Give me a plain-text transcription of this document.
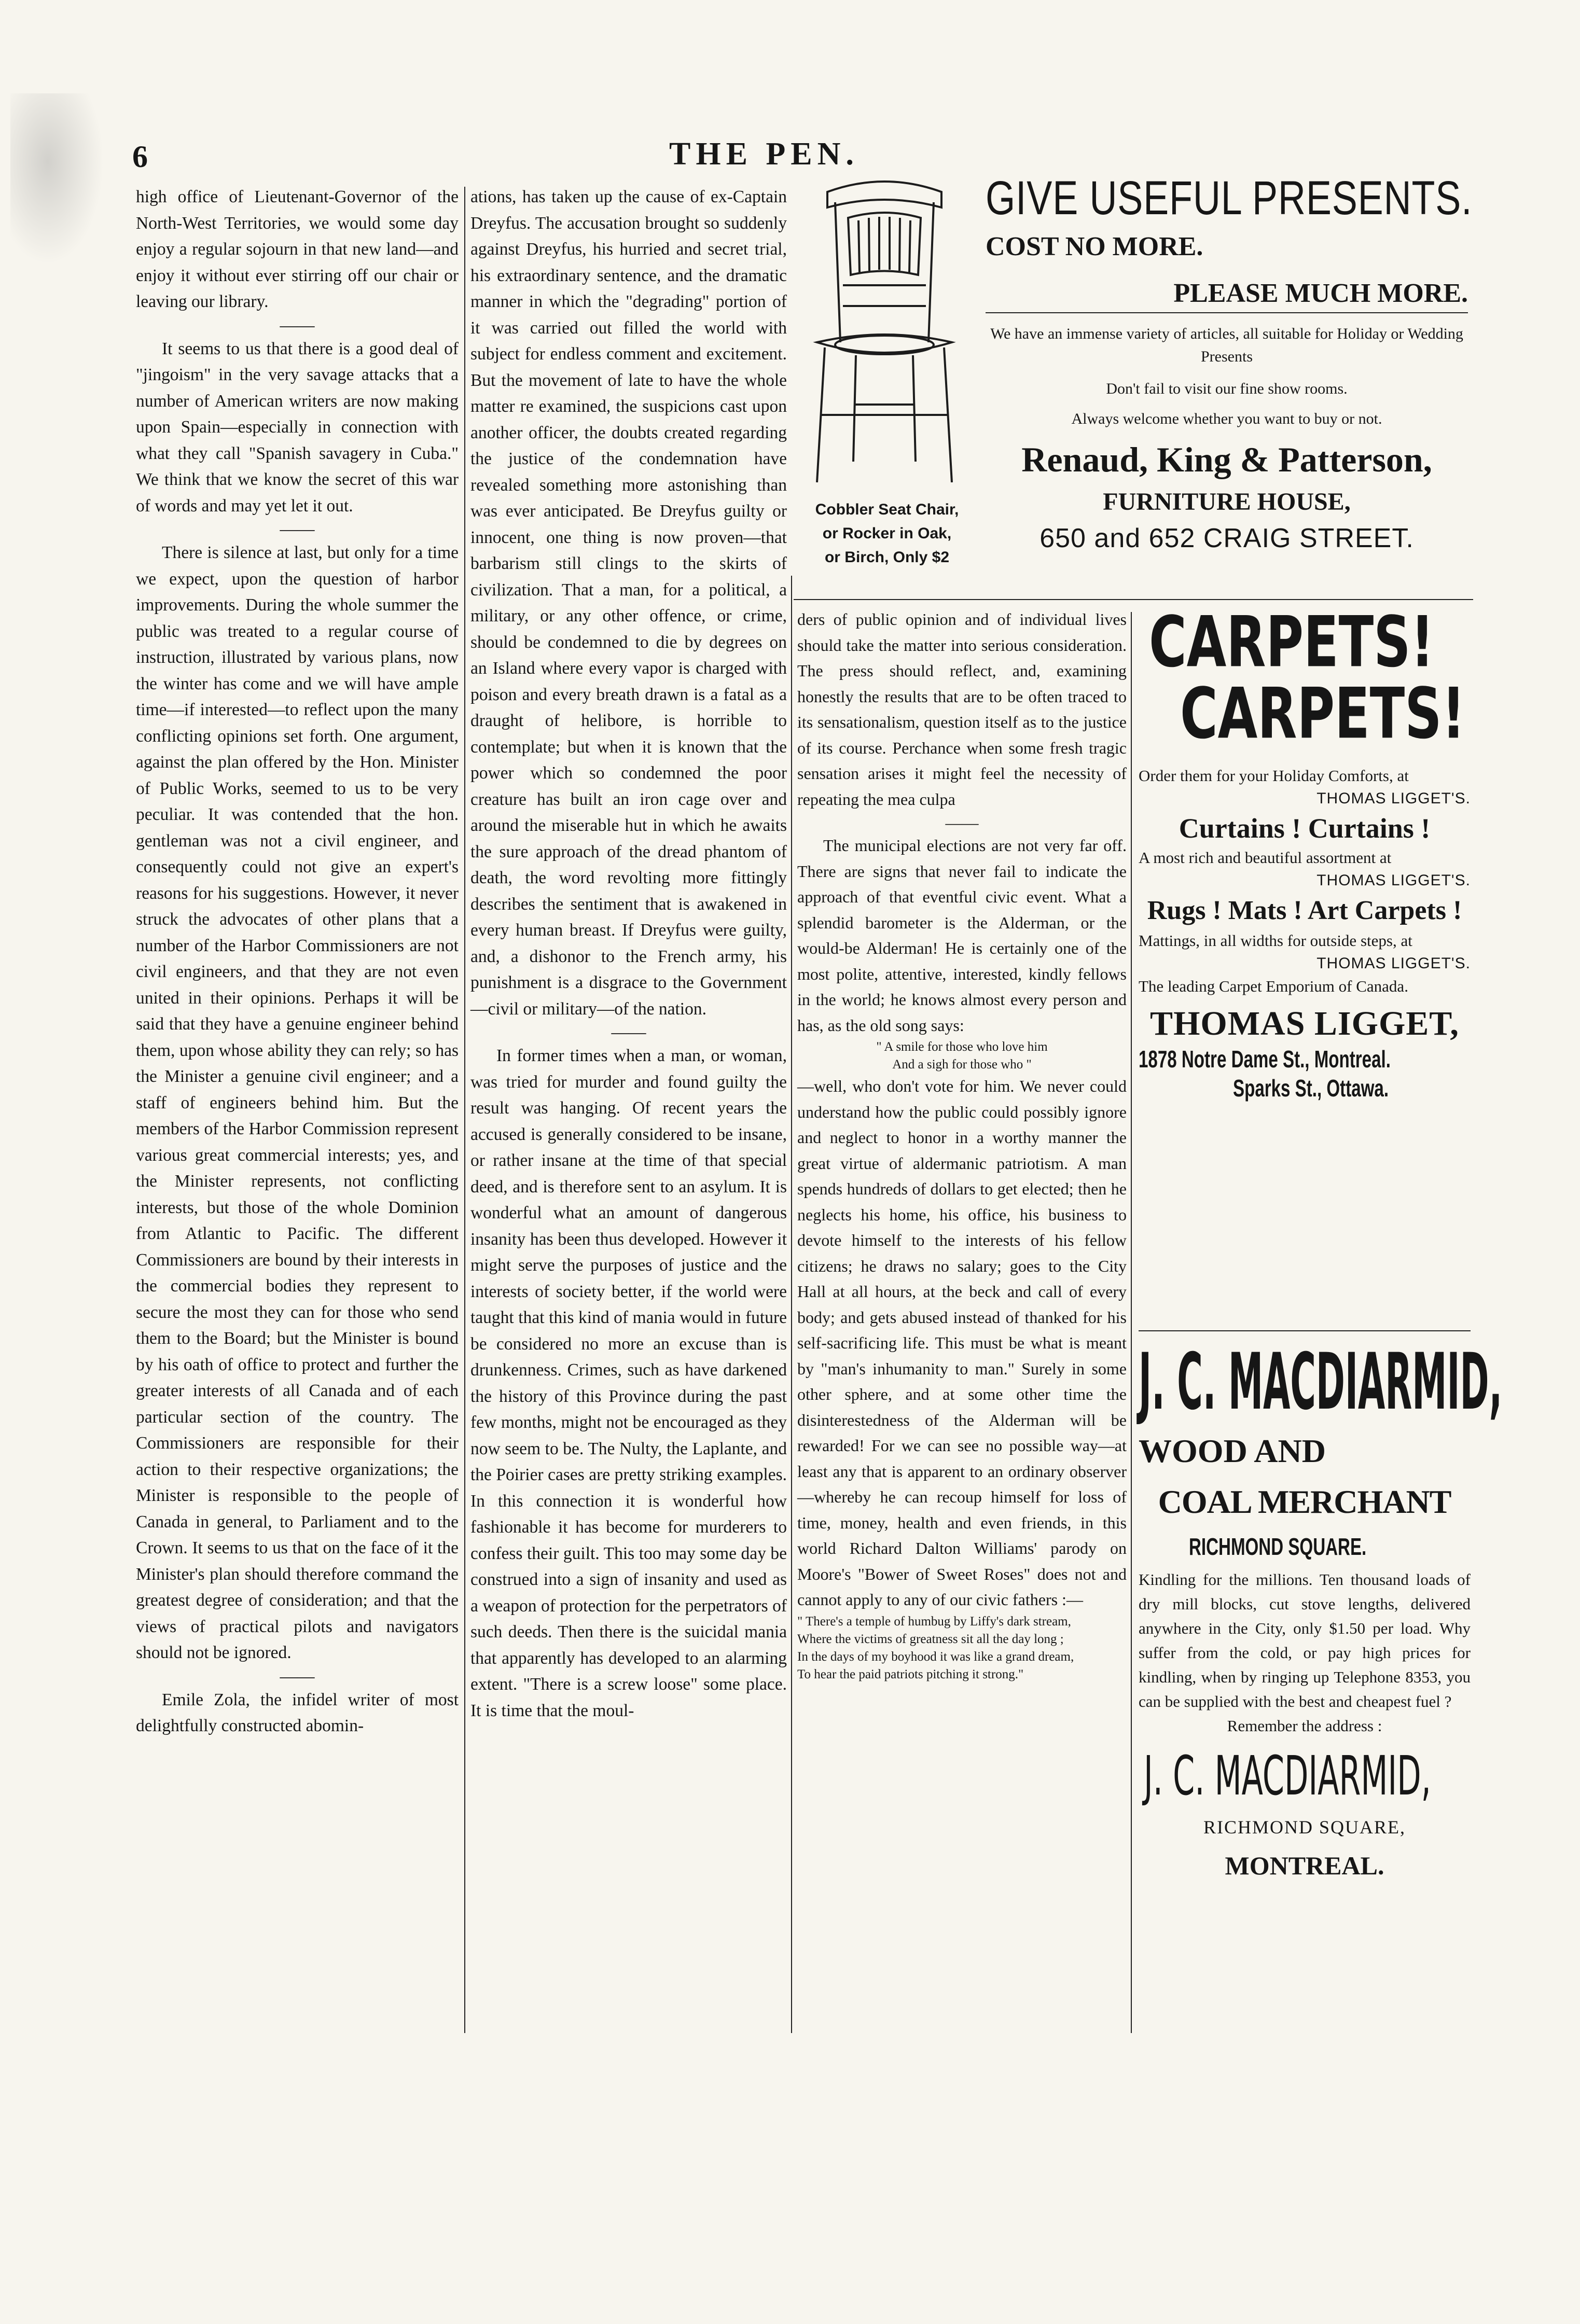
6	THE PEN.

high office of Lieutenant-Governor of the North-West Territories, we would some day enjoy a regular sojourn in that new land—and enjoy it without ever stirring off our chair or leaving our library.

——

It seems to us that there is a good deal of "jingoism" in the very savage attacks that a number of American writers are now making upon Spain—especially in connection with what they call "Spanish savagery in Cuba." We think that we know the secret of this war of words and may yet let it out.

——

There is silence at last, but only for a time we expect, upon the question of harbor improvements. During the whole summer the public was treated to a regular course of instruction, illustrated by various plans, now the winter has come and we will have ample time—if interested—to reflect upon the many conflicting opinions set forth. One argument, against the plan offered by the Hon. Minister of Public Works, seemed to us to be very peculiar. It was contended that the hon. gentleman was not a civil engineer, and consequently could not give an expert's reasons for his suggestions. However, it never struck the advocates of other plans that a number of the Harbor Commissioners are not civil engineers, and that they are not even united in their opinions. Perhaps it will be said that they have a genuine engineer behind them, upon whose ability they can rely; so has the Minister a genuine civil engineer; and a staff of engineers behind him. But the members of the Harbor Commission represent various great commercial interests; yes, and the Minister represents, not conflicting interests, but those of the whole Dominion from Atlantic to Pacific. The different Commissioners are bound by their interests in the commercial bodies they represent to secure the most they can for those who send them to the Board; but the Minister is bound by his oath of office to protect and further the greater interests of all Canada and of each particular section of the country. The Commissioners are responsible for their action to their respective organizations; the Minister is responsible to the people of Canada in general, to Parliament and to the Crown. It seems to us that on the face of it the Minister's plan should therefore command the greatest degree of consideration; and that the views of practical pilots and navigators should not be ignored.

——

Emile Zola, the infidel writer of most delightfully constructed abomin-

ations, has taken up the cause of ex-Captain Dreyfus. The accusation brought so suddenly against Dreyfus, his hurried and secret trial, his extraordinary sentence, and the dramatic manner in which the "degrading" portion of it was carried out filled the world with subject for endless comment and excitement. But the movement of late to have the whole matter re examined, the suspicions cast upon another officer, the doubts created regarding the justice of the condemnation have revealed something more astonishing than was ever anticipated. Be Dreyfus guilty or innocent, one thing is now proven—that barbarism still clings to the skirts of civilization. That a man, for a political, a military, or any other offence, or crime, should be condemned to die by degrees on an Island where every vapor is charged with poison and every breath drawn is a fatal as a draught of helibore, is horrible to contemplate; but when it is known that the power which so condemned the poor creature has built an iron cage over and around the miserable hut in which he awaits the sure approach of the dread phantom of death, the word revolting more fittingly describes the sentiment that is awakened in every human breast. If Dreyfus were guilty, and, a dishonor to the French army, his punishment is a disgrace to the Government—civil or military—of the nation.

——

In former times when a man, or woman, was tried for murder and found guilty the result was hanging. Of recent years the accused is generally considered to be insane, or rather insane at the time of that special deed, and is therefore sent to an asylum. It is wonderful what an amount of dangerous insanity has been thus developed. However it might serve the purposes of justice and the interests of society better, if the world were taught that this kind of mania would in future be considered no more an excuse than is drunkenness. Crimes, such as have darkened the history of this Province during the past few months, might not be encouraged as they now seem to be. The Nulty, the Laplante, and the Poirier cases are pretty striking examples. In this connection it is wonderful how fashionable it has become for murderers to confess their guilt. This too may some day be construed into a sign of insanity and used as a weapon of protection for the perpetrators of such deeds. Then there is the suicidal mania that apparently has developed to an alarming extent. "There is a screw loose" some place. It is time that the moul-

Cobbler Seat Chair,
or Rocker in Oak,
or Birch, Only $2
GIVE USEFUL PRESENTS.
COST NO MORE.
PLEASE MUCH MORE.
We have an immense variety of articles, all suitable for Holiday or Wedding Presents
Don't fail to visit our fine show rooms.
Always welcome whether you want to buy or not.
Renaud, King & Patterson,
FURNITURE HOUSE,
650 and 652 CRAIG STREET.

ders of public opinion and of individual lives should take the matter into serious consideration. The press should reflect, and, examining honestly the results that are to be often traced to its sensationalism, question itself as to the justice of its course. Perchance when some fresh tragic sensation arises it might feel the necessity of repeating the mea culpa

——

The municipal elections are not very far off. There are signs that never fail to indicate the approach of that eventful civic event. What a splendid barometer is the Alderman, or the would-be Alderman! He is certainly one of the most polite, attentive, interested, kindly fellows in the world; he knows almost every person and has, as the old song says:

" A smile for those who love him
And a sigh for those who "

—well, who don't vote for him. We never could understand how the public could possibly ignore and neglect to honor in a worthy manner the great virtue of aldermanic patriotism. A man spends hundreds of dollars to get elected; then he neglects his home, his office, his business to devote himself to the interests of his fellow citizens; he draws no salary; goes to the City Hall at all hours, at the beck and call of every body; and gets abused instead of thanked for his self-sacrificing life. This must be what is meant by "man's inhumanity to man." Surely in some other sphere, and at some other time the disinterestedness of the Alderman will be rewarded! For we can see no possible way—at least any that is apparent to an ordinary observer—whereby he can recoup himself for loss of time, money, health and even friends, in this world Richard Dalton Williams' parody on Moore's "Bower of Sweet Roses" does not and cannot apply to any of our civic fathers :—

" There's a temple of humbug by Liffy's dark stream,
Where the victims of greatness sit all the day long ;
In the days of my boyhood it was like a grand dream,
To hear the paid patriots pitching it strong."
CARPETS!
CARPETS!
Order them for your Holiday Comforts, at
THOMAS LIGGET'S.
Curtains ! Curtains !
A most rich and beautiful assortment at
THOMAS LIGGET'S.
Rugs ! Mats ! Art Carpets !
Mattings, in all widths for outside steps, at
THOMAS LIGGET'S.
The leading Carpet Emporium of Canada.
THOMAS LIGGET,
1878 Notre Dame St., Montreal.
Sparks St., Ottawa.
J. C. MACDIARMID,
WOOD AND
COAL MERCHANT
RICHMOND SQUARE.
Kindling for the millions. Ten thousand loads of dry mill blocks, cut stove lengths, delivered anywhere in the City, only $1.50 per load. Why suffer from the cold, or pay high prices for kindling, when by ringing up Telephone 8353, you can be supplied with the best and cheapest fuel ?
Remember the address :
J. C. MACDIARMID,
RICHMOND SQUARE,
MONTREAL.
